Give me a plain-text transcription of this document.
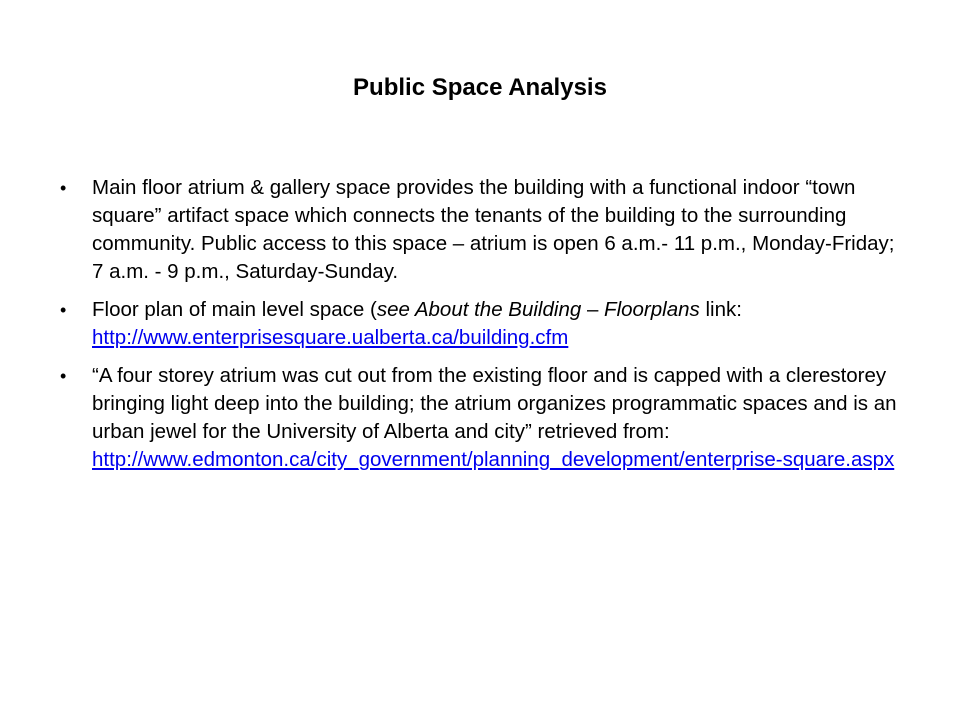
Public Space Analysis
• Main floor atrium & gallery space provides the building with a functional indoor “town square” artifact space which connects the tenants of the building to the surrounding community. Public access to this space – atrium is open 6 a.m.- 11 p.m., Monday-Friday; 7 a.m. - 9 p.m., Saturday-Sunday.
• Floor plan of main level space (see About the Building – Floorplans link:
http://www.enterprisesquare.ualberta.ca/building.cfm
• “A four storey atrium was cut out from the existing floor and is capped with a clerestorey bringing light deep into the building; the atrium organizes programmatic spaces and is an urban jewel for the University of Alberta and city” retrieved from:
http://www.edmonton.ca/city_government/planning_development/enterprise-square.aspx
